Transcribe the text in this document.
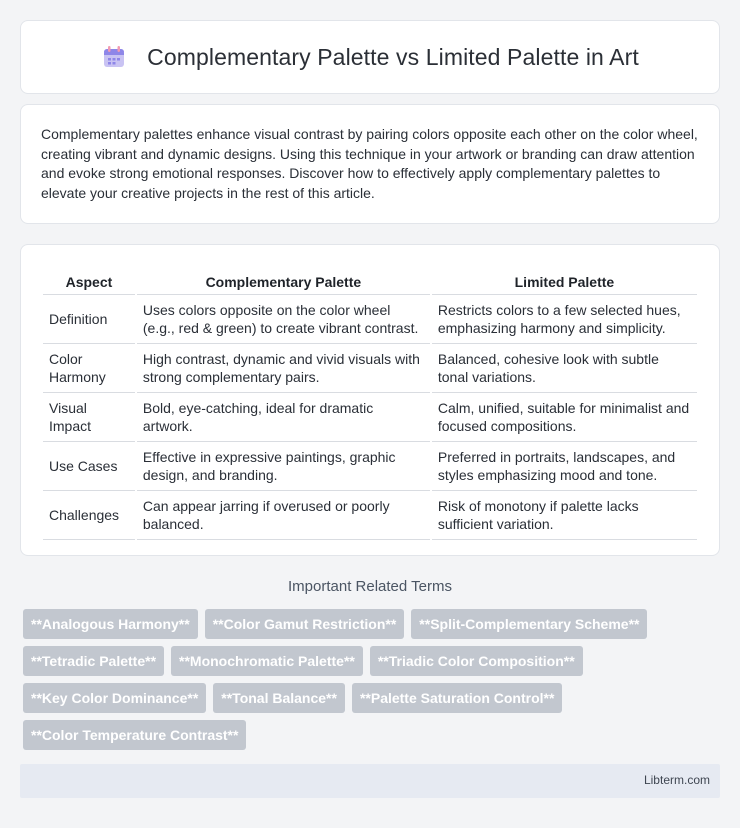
Complementary Palette vs Limited Palette in Art

Complementary palettes enhance visual contrast by pairing colors opposite each other on the color wheel, creating vibrant and dynamic designs. Using this technique in your artwork or branding can draw attention and evoke strong emotional responses. Discover how to effectively apply complementary palettes to elevate your creative projects in the rest of this article.

Aspect	Complementary Palette	Limited Palette
Definition	Uses colors opposite on the color wheel (e.g., red & green) to create vibrant contrast.	Restricts colors to a few selected hues, emphasizing harmony and simplicity.
Color Harmony	High contrast, dynamic and vivid visuals with strong complementary pairs.	Balanced, cohesive look with subtle tonal variations.
Visual Impact	Bold, eye-catching, ideal for dramatic artwork.	Calm, unified, suitable for minimalist and focused compositions.
Use Cases	Effective in expressive paintings, graphic design, and branding.	Preferred in portraits, landscapes, and styles emphasizing mood and tone.
Challenges	Can appear jarring if overused or poorly balanced.	Risk of monotony if palette lacks sufficient variation.
Important Related Terms
**Analogous Harmony**	**Color Gamut Restriction**	**Split-Complementary Scheme**
**Tetradic Palette**	**Monochromatic Palette**	**Triadic Color Composition**
**Key Color Dominance**	**Tonal Balance**	**Palette Saturation Control**
**Color Temperature Contrast**
Libterm.com
